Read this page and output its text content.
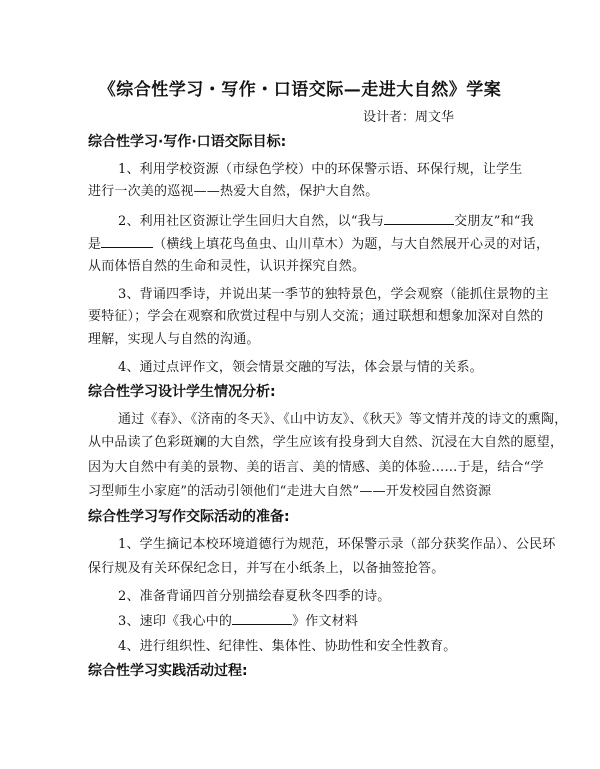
《综合性学习・写作・口语交际—走进大自然》学案
设计者：周文华
综合性学习·写作·口语交际目标:
1、利用学校资源（市绿色学校）中的环保警示语、环保行规，让学生
进行一次美的巡视——热爱大自然，保护大自然。
2、利用社区资源让学生回归大自然，以“我与	交朋友”和“我
是	（横线上填花鸟鱼虫、山川草木）为题，与大自然展开心灵的对话，
从而体悟自然的生命和灵性，认识并探究自然。
3、背诵四季诗，并说出某一季节的独特景色，学会观察（能抓住景物的主
要特征）；学会在观察和欣赏过程中与别人交流；通过联想和想象加深对自然的
理解，实现人与自然的沟通。
4、通过点评作文，领会情景交融的写法，体会景与情的关系。
综合性学习设计学生情况分析:
通过《春》、《济南的冬天》、《山中访友》、《秋天》等文情并茂的诗文的熏陶，
从中品读了色彩斑斓的大自然，学生应该有投身到大自然、沉浸在大自然的愿望，
因为大自然中有美的景物、美的语言、美的情感、美的体验……于是，结合“学
习型师生小家庭”的活动引领他们“走进大自然”——开发校园自然资源
综合性学习写作交际活动的准备:
1、学生摘记本校环境道德行为规范，环保警示录（部分获奖作品）、公民环
保行规及有关环保纪念日，并写在小纸条上，以备抽签抢答。
2、准备背诵四首分别描绘春夏秋冬四季的诗。
3、速印《我心中的	》作文材料
4、进行组织性、纪律性、集体性、协助性和安全性教育。
综合性学习实践活动过程:
